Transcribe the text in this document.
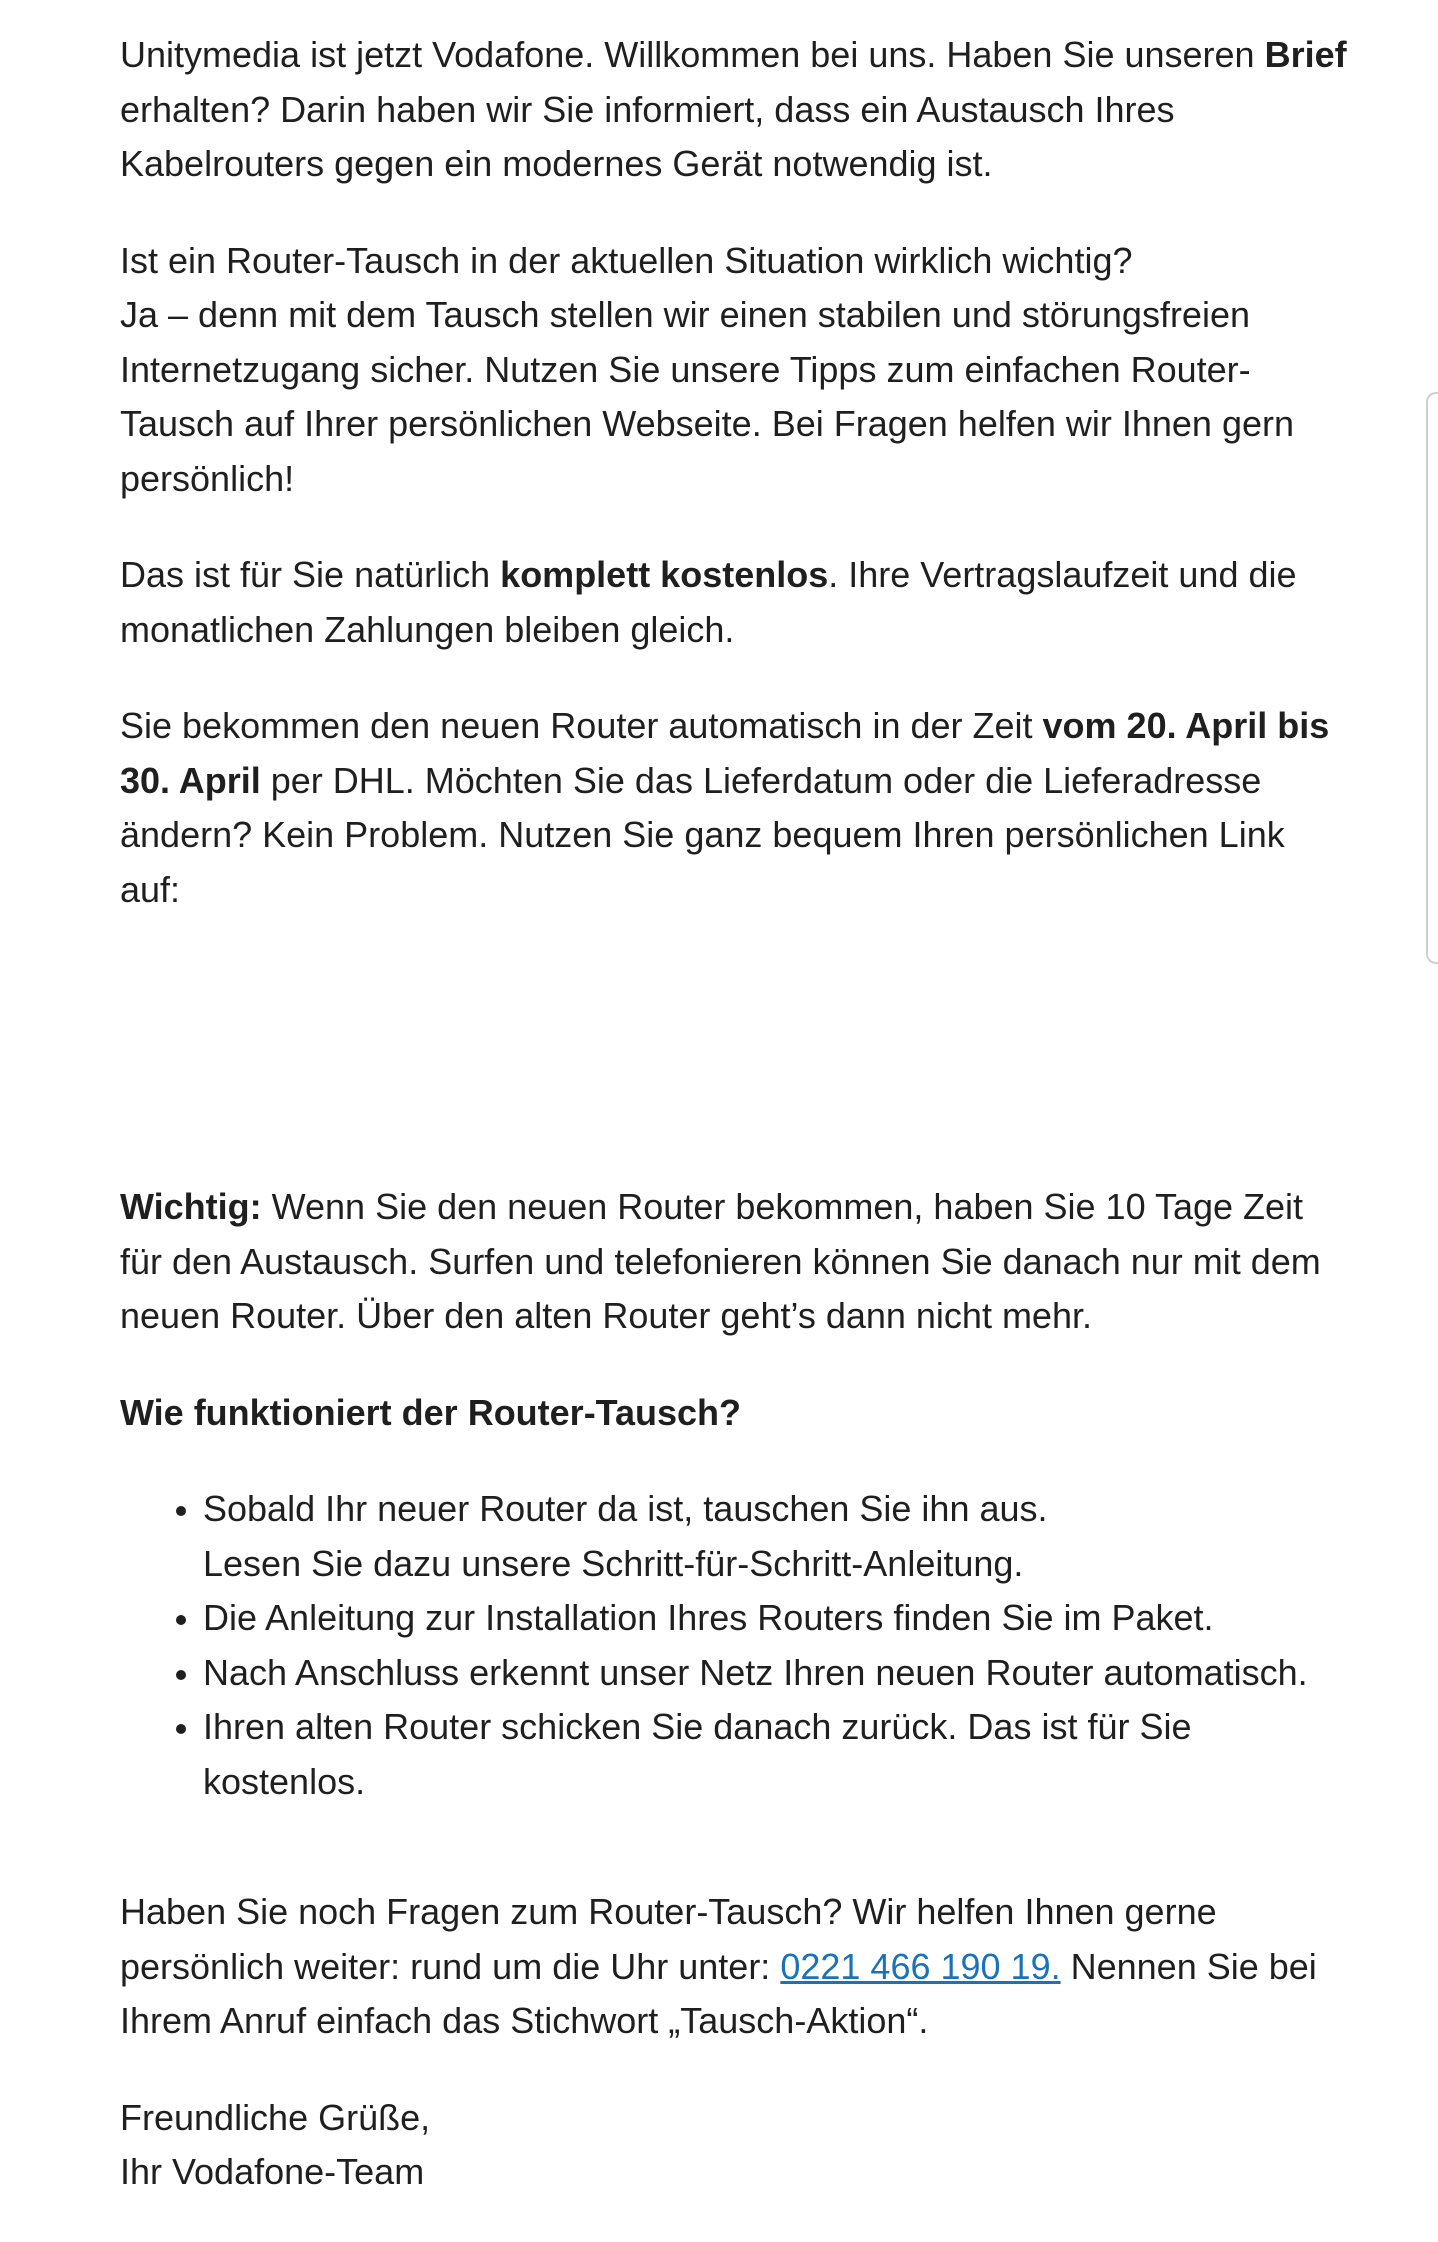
Unitymedia ist jetzt Vodafone. Willkommen bei uns. Haben Sie unseren Brief erhalten? Darin haben wir Sie informiert, dass ein Austausch Ihres Kabelrouters gegen ein modernes Gerät notwendig ist.

Ist ein Router-Tausch in der aktuellen Situation wirklich wichtig?
Ja – denn mit dem Tausch stellen wir einen stabilen und störungsfreien Internetzugang sicher. Nutzen Sie unsere Tipps zum einfachen Router-Tausch auf Ihrer persönlichen Webseite. Bei Fragen helfen wir Ihnen gern persönlich!

Das ist für Sie natürlich komplett kostenlos. Ihre Vertragslaufzeit und die monatlichen Zahlungen bleiben gleich.

Sie bekommen den neuen Router automatisch in der Zeit vom 20. April bis 30. April per DHL. Möchten Sie das Lieferdatum oder die Lieferadresse ändern? Kein Problem. Nutzen Sie ganz bequem Ihren persönlichen Link auf:

Wichtig: Wenn Sie den neuen Router bekommen, haben Sie 10 Tage Zeit für den Austausch. Surfen und telefonieren können Sie danach nur mit dem neuen Router. Über den alten Router geht’s dann nicht mehr.

Wie funktioniert der Router-Tausch?

Sobald Ihr neuer Router da ist, tauschen Sie ihn aus.
Lesen Sie dazu unsere Schritt-für-Schritt-Anleitung.
Die Anleitung zur Installation Ihres Routers finden Sie im Paket.
Nach Anschluss erkennt unser Netz Ihren neuen Router automatisch.
Ihren alten Router schicken Sie danach zurück. Das ist für Sie kostenlos.

Haben Sie noch Fragen zum Router-Tausch? Wir helfen Ihnen gerne persönlich weiter: rund um die Uhr unter: 0221 466 190 19. Nennen Sie bei Ihrem Anruf einfach das Stichwort „Tausch-Aktion“.

Freundliche Grüße,
Ihr Vodafone-Team
